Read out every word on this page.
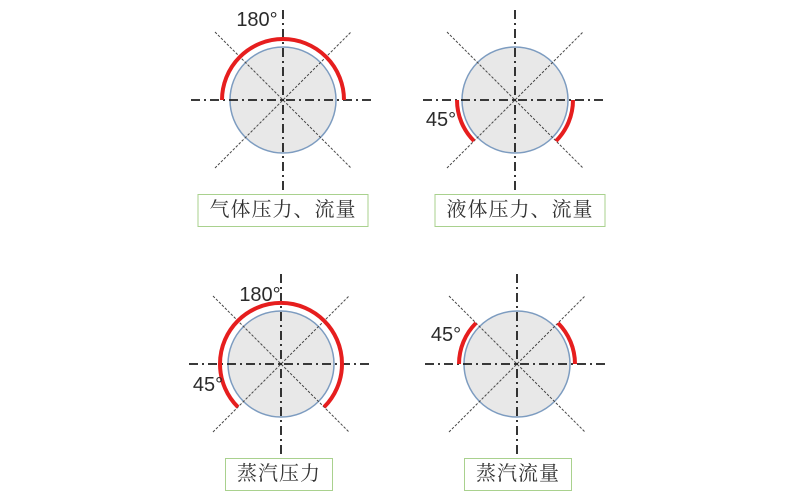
180°
气体压力、流量
45°
液体压力、流量
180°
45°
蒸汽压力
45°
蒸汽流量
